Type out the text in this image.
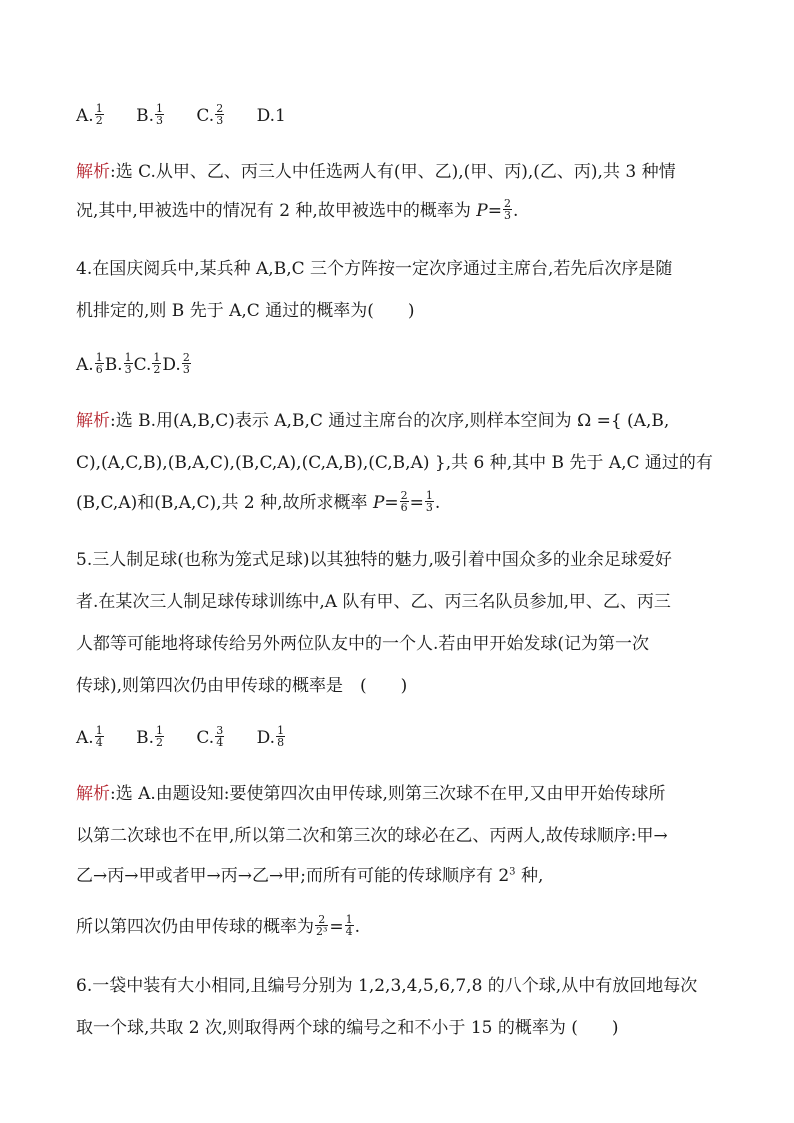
A. $\frac{1}{2} B$. $\frac{1}{3} C$. $\frac{2}{3} D.1$
解析:选 C.从甲、乙、丙三人中任选两人有(甲、乙),(甲、丙),(乙、丙),共 3 种情
况,其中,甲被选中的情况有 2 种,故甲被选中的概率为 $P= \frac{2}{3}$ .
4.在国庆阅兵中,某兵种 A,B,C 三个方阵按一定次序通过主席台,若先后次序是随
机排定的,则 B 先于 A,C 通过的概率为(　　)
A. $\frac{1}{6} B$. $\frac{1}{3} C$. $\frac{1}{2} D$. $\frac{2}{3}$
解析:选 B.用(A,B,C)表示 A,B,C 通过主席台的次序,则样本空间为 Ω ={ (A,B,
C),(A,C,B),(B,A,C),(B,C,A),(C,A,B),(C,B,A) },共 6 种,其中 B 先于 A,C 通过的有
(B,C,A)和(B,A,C),共 2 种,故所求概率 $P= \frac{2}{6} = \frac{1}{3}$ .
5.三人制足球(也称为笼式足球)以其独特的魅力,吸引着中国众多的业余足球爱好
者.在某次三人制足球传球训练中,A 队有甲、乙、丙三名队员参加,甲、乙、丙三
人都等可能地将球传给另外两位队友中的一个人.若由甲开始发球(记为第一次
传球),则第四次仍由甲传球的概率是　(　　)
A. $\frac{1}{4} B$. $\frac{1}{2} C$. $\frac{3}{4} D$. $\frac{1}{8}$
解析:选 A.由题设知:要使第四次由甲传球,则第三次球不在甲,又由甲开始传球所
以第二次球也不在甲,所以第二次和第三次的球必在乙、丙两人,故传球顺序:甲→
乙→丙→甲或者甲→丙→乙→甲;而所有可能的传球顺序有 $2^3$ 种,
所以第四次仍由甲传球的概率为 $\frac{2}{\text{2³}} = \frac{1}{4}$ .
6.一袋中装有大小相同,且编号分别为 1,2,3,4,5,6,7,8 的八个球,从中有放回地每次
取一个球,共取 2 次,则取得两个球的编号之和不小于 15 的概率为 (　　)
